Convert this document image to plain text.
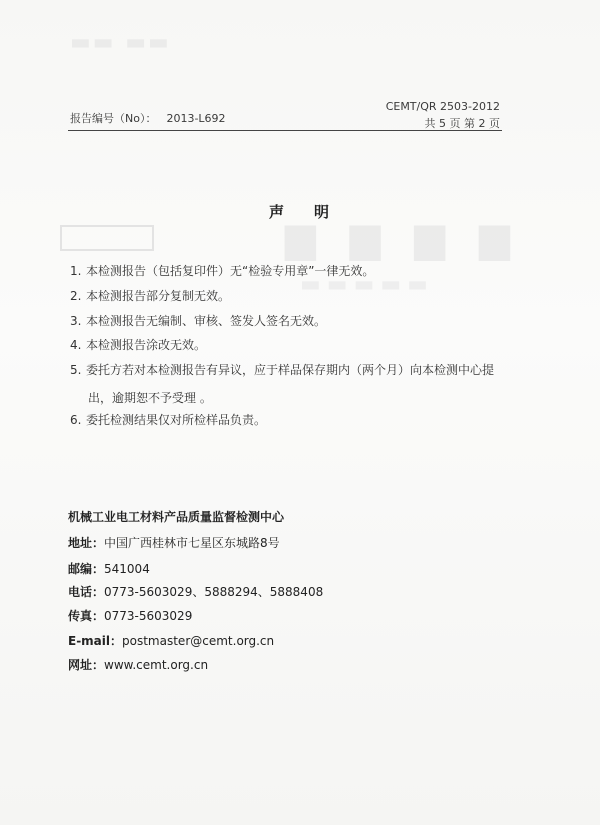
▬▬ ▬▬
▆ ▆ ▆ ▆
▬▬▬▬▬
报告编号（No）： 2013-L692
CEMT/QR 2503-2012
共 5 页 第 2 页
声明
1. 本检测报告（包括复印件）无“检验专用章”一律无效。
2. 本检测报告部分复制无效。
3. 本检测报告无编制、审核、签发人签名无效。
4. 本检测报告涂改无效。
5. 委托方若对本检测报告有异议，应于样品保存期内（两个月）向本检测中心提
出，逾期恕不予受理 。
6. 委托检测结果仅对所检样品负责。
机械工业电工材料产品质量监督检测中心
地址：中国广西桂林市七星区东城路8号
邮编：541004
电话：0773-5603029、5888294、5888408
传真：0773-5603029
E-mail：postmaster@cemt.org.cn
网址：www.cemt.org.cn
